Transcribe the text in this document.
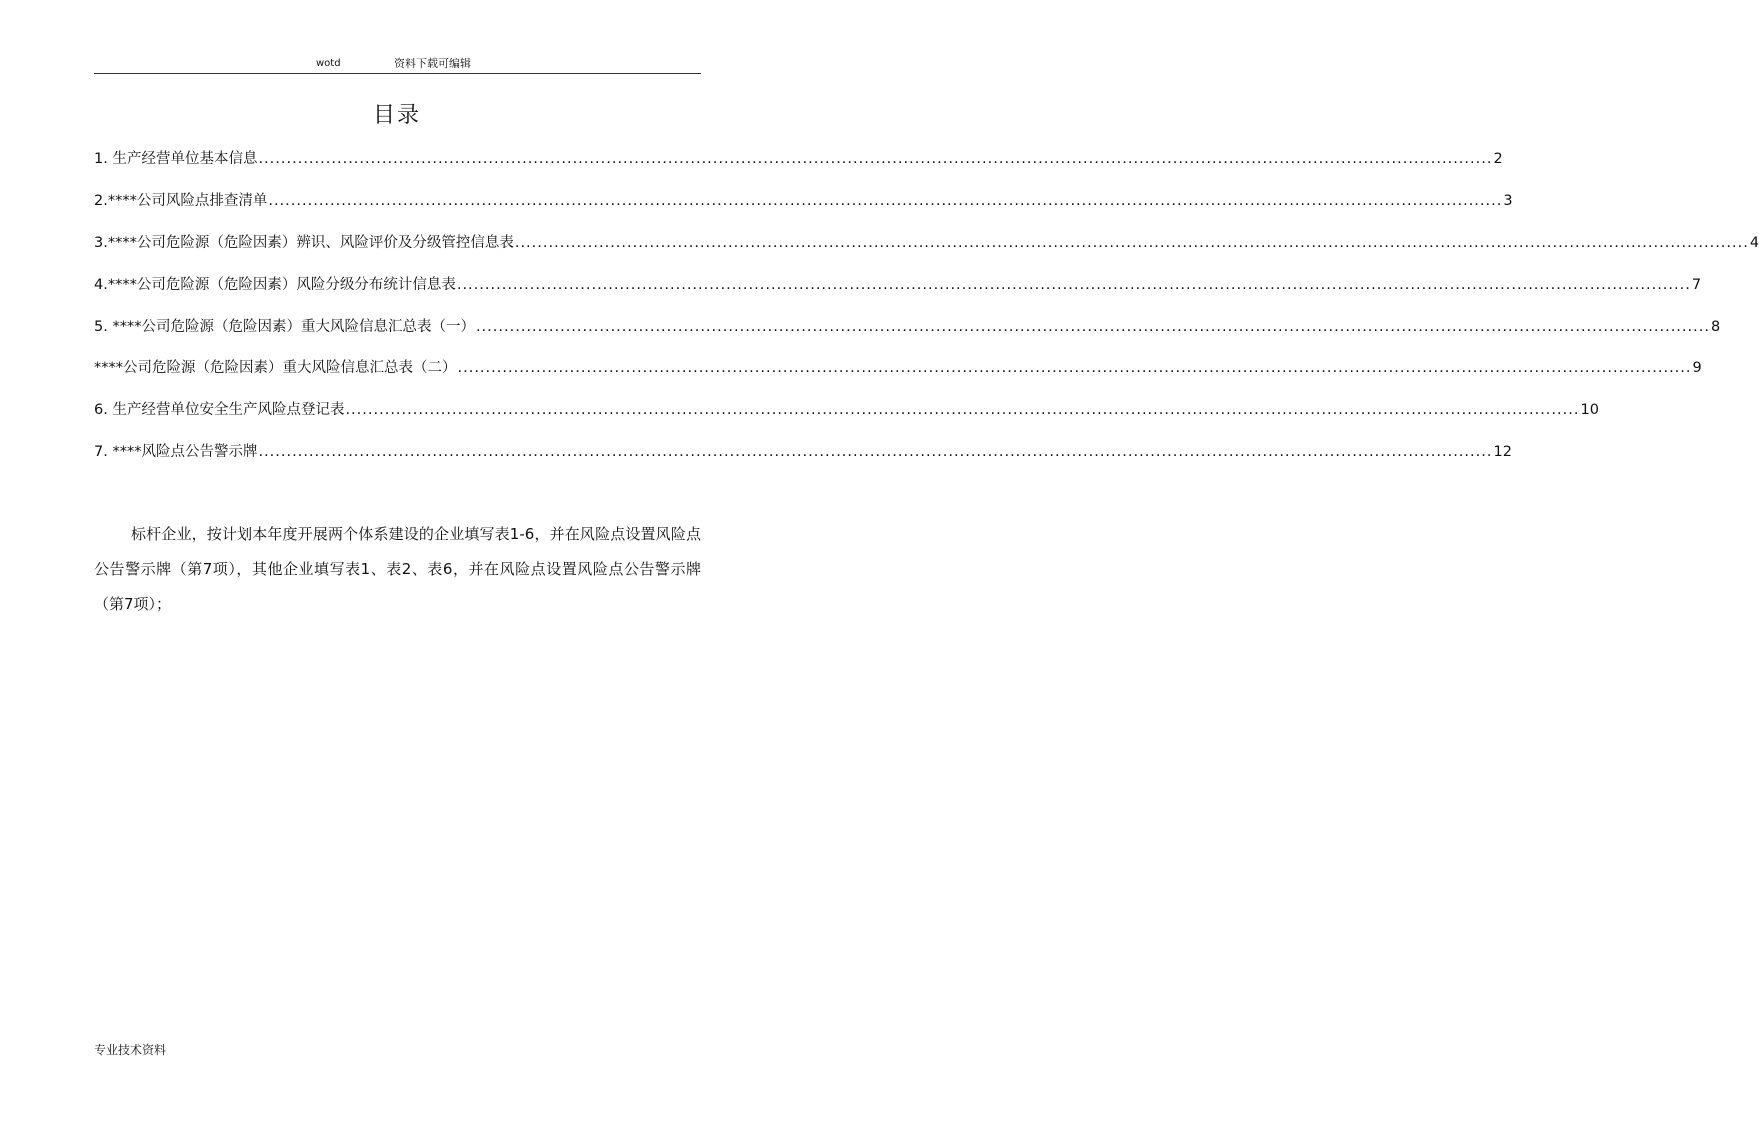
wotd	资料下载可编辑
目录
1. 生产经营单位基本信息 ............................................................................................................................................................................................................................ 2
2.****公司风险点排查清单 ............................................................................................................................................................................................................................ 3
3.****公司危险源（危险因素）辨识、风险评价及分级管控信息表 ............................................................................................................................................................................................................................ 4
4.****公司危险源（危险因素）风险分级分布统计信息表 ............................................................................................................................................................................................................................ 7
5. ****公司危险源（危险因素）重大风险信息汇总表（一） ............................................................................................................................................................................................................................ 8
****公司危险源（危险因素）重大风险信息汇总表（二） ............................................................................................................................................................................................................................ 9
6. 生产经营单位安全生产风险点登记表 ............................................................................................................................................................................................................................ 10
7. ****风险点公告警示牌 ............................................................................................................................................................................................................................ 12

标杆企业，按计划本年度开展两个体系建设的企业填写表1-6，并在风险点设置风险点公告警示牌（第7项），其他企业填写表1、表2、表6，并在风险点设置风险点公告警示牌（第7项）；

专业技术资料
